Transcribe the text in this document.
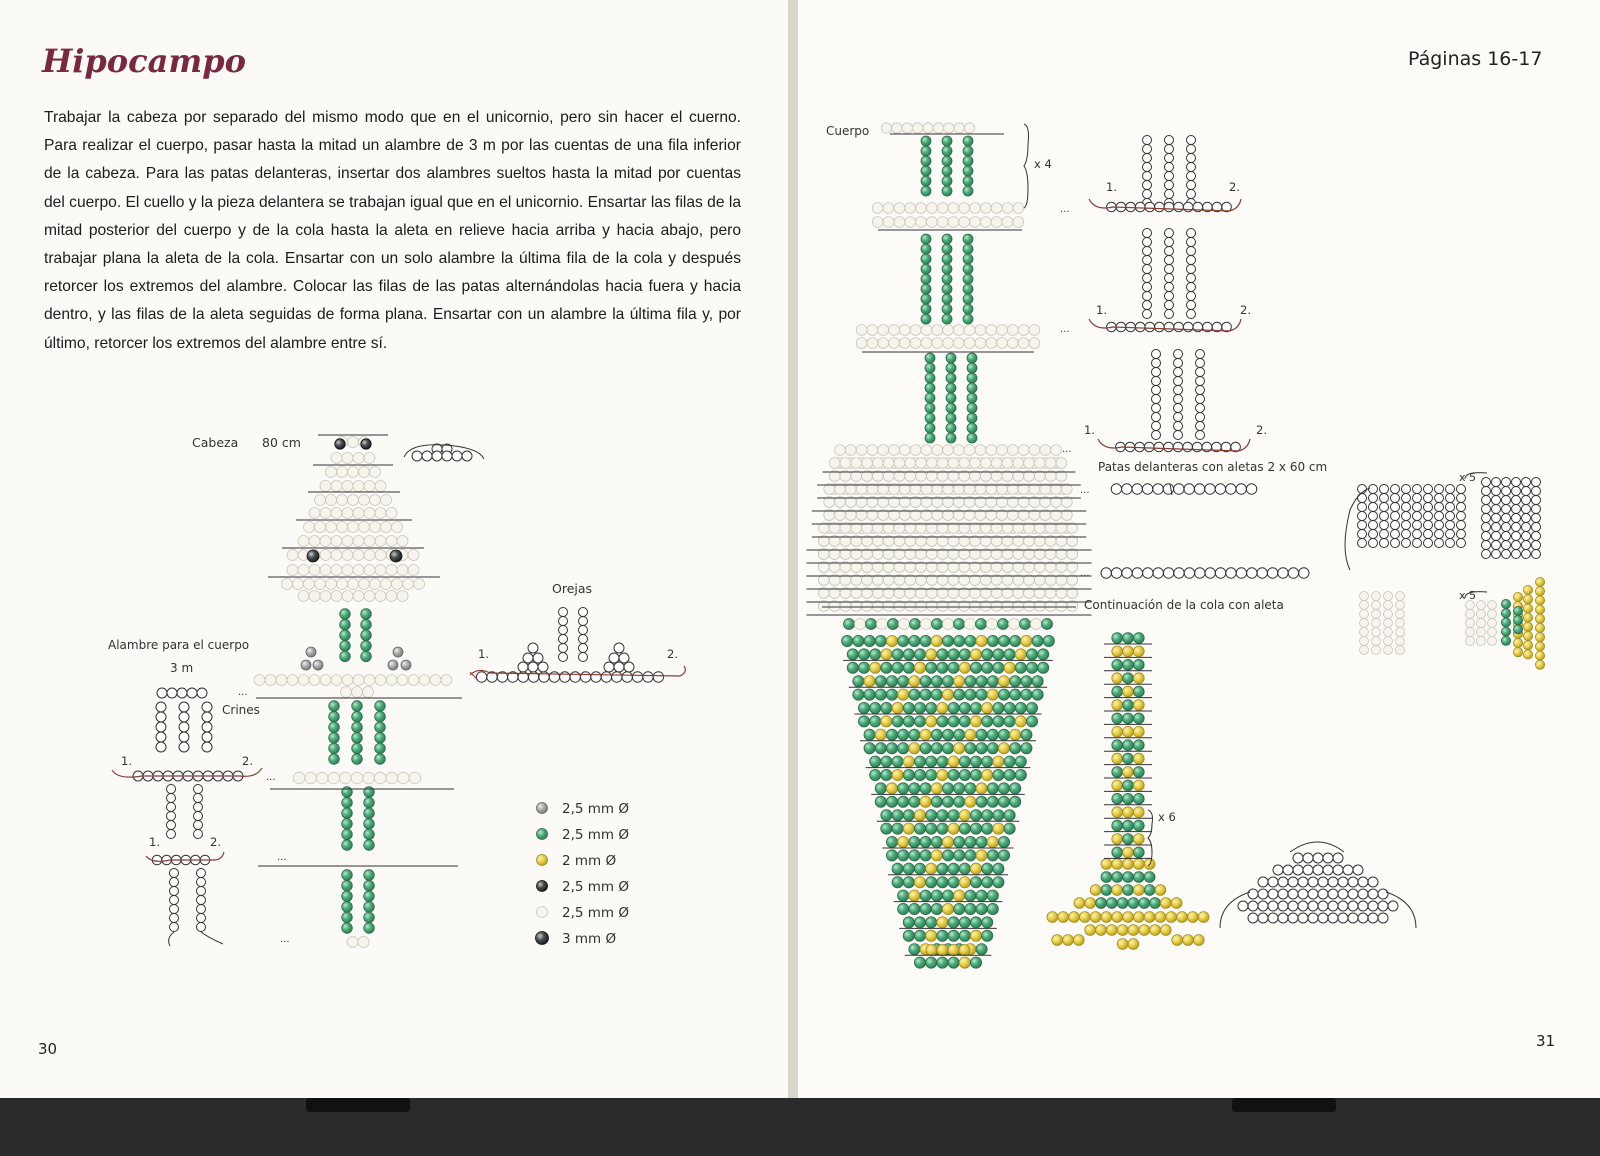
Cabeza 80 cm
Orejas
Alambre para el cuerpo
3 m
Crines
Cuerpo
x 4
Patas delanteras con aletas 2 x 60 cm
x 5
x 5
Continuación de la cola con aleta
x 6
1.	2.
1.	2.
1.	2.
1.	2.
1.	2.
1.	2.
...
...
...
...
...
...
...
...
...
2,5 mm Ø
2,5 mm Ø
2 mm Ø
2,5 mm Ø
2,5 mm Ø
3 mm Ø
Hipocampo
Trabajar la cabeza por separado del mismo modo que en el unicornio, pero sin hacer el cuerno. Para realizar el cuerpo, pasar hasta la mitad un alambre de 3 m por las cuentas de una fila inferior de la cabeza. Para las patas delanteras, insertar dos alambres sueltos hasta la mitad por cuentas del cuerpo. El cuello y la pieza delantera se trabajan igual que en el unicornio. Ensartar las filas de la mitad posterior del cuerpo y de la cola hasta la aleta en relieve hacia arriba y hacia abajo, pero trabajar plana la aleta de la cola. Ensartar con un solo alambre la última fila de la cola y después retorcer los extremos del alambre. Colocar las filas de las patas alternándolas hacia fuera y hacia dentro, y las filas de la aleta seguidas de forma plana. Ensartar con un alambre la última fila y, por último, retorcer los extremos del alambre entre sí.
Páginas 16-17
30	31
